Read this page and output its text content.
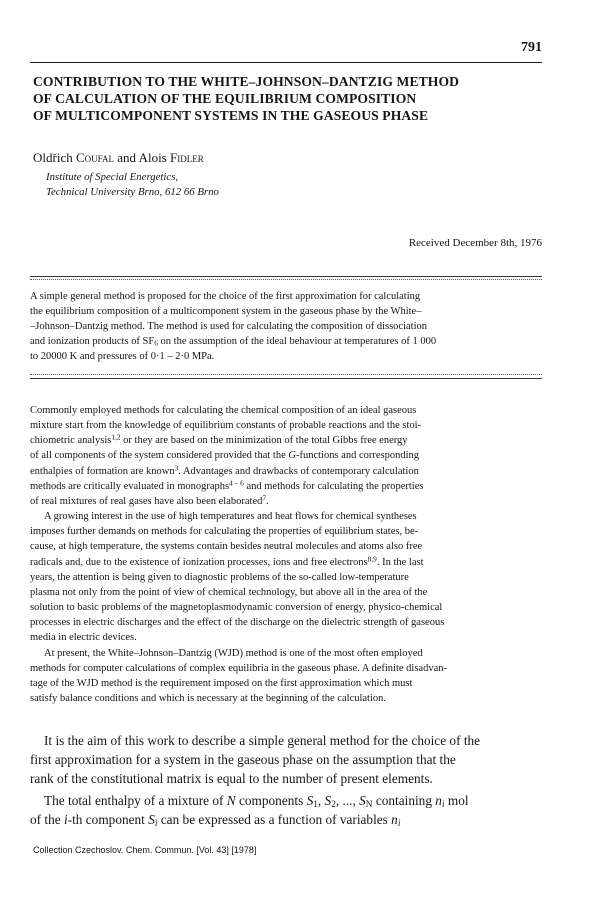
791
CONTRIBUTION TO THE WHITE–JOHNSON–DANTZIG METHOD
OF CALCULATION OF THE EQUILIBRIUM COMPOSITION
OF MULTICOMPONENT SYSTEMS IN THE GASEOUS PHASE
Oldřich Coufal and Alois Fidler
Institute of Special Energetics,
Technical University Brno, 612 66 Brno
Received December 8th, 1976
A simple general method is proposed for the choice of the first approximation for calculating
the equilibrium composition of a multicomponent system in the gaseous phase by the White–
–Johnson–Dantzig method. The method is used for calculating the composition of dissociation
and ionization products of $SF_6$ on the assumption of the ideal behaviour at temperatures of 1 000
to 20000 K and pressures of 0·1 – 2·0 MPa.
Commonly employed methods for calculating the chemical composition of an ideal gaseous
mixture start from the knowledge of equilibrium constants of probable reactions and the stoi-
chiometric analysis$^{1,2}$ or they are based on the minimization of the total Gibbs free energy
of all components of the system considered provided that the G-functions and corresponding
enthalpies of formation are known$^3$. Advantages and drawbacks of contemporary calculation
methods are critically evaluated in monographs$^{4 - 6}$ and methods for calculating the properties
of real mixtures of real gases have also been elaborated$^7$.
A growing interest in the use of high temperatures and heat flows for chemical syntheses
imposes further demands on methods for calculating the properties of equilibrium states, be-
cause, at high temperature, the systems contain besides neutral molecules and atoms also free
radicals and, due to the existence of ionization processes, ions and free electrons$^{8,9}$. In the last
years, the attention is being given to diagnostic problems of the so-called low-temperature
plasma not only from the point of view of chemical technology, but above all in the area of the
solution to basic problems of the magnetoplasmodynamic conversion of energy, physico-chemical
processes in electric discharges and the effect of the discharge on the dielectric strength of gaseous
media in electric devices.
At present, the White–Johnson–Dantzig (WJD) method is one of the most often employed
methods for computer calculations of complex equilibria in the gaseous phase. A definite disadvan-
tage of the WJD method is the requirement imposed on the first approximation which must
satisfy balance conditions and which is necessary at the beginning of the calculation.
It is the aim of this work to describe a simple general method for the choice of the
first approximation for a system in the gaseous phase on the assumption that the
rank of the constitutional matrix is equal to the number of present elements.
The total enthalpy of a mixture of N components $S_1$, $S_2$, ..., $S_N$ containing $n_i$ mol
of the i-th component $S_i$ can be expressed as a function of variables $n_i$
Collection Czechoslov. Chem. Commun. [Vol. 43] [1978]
